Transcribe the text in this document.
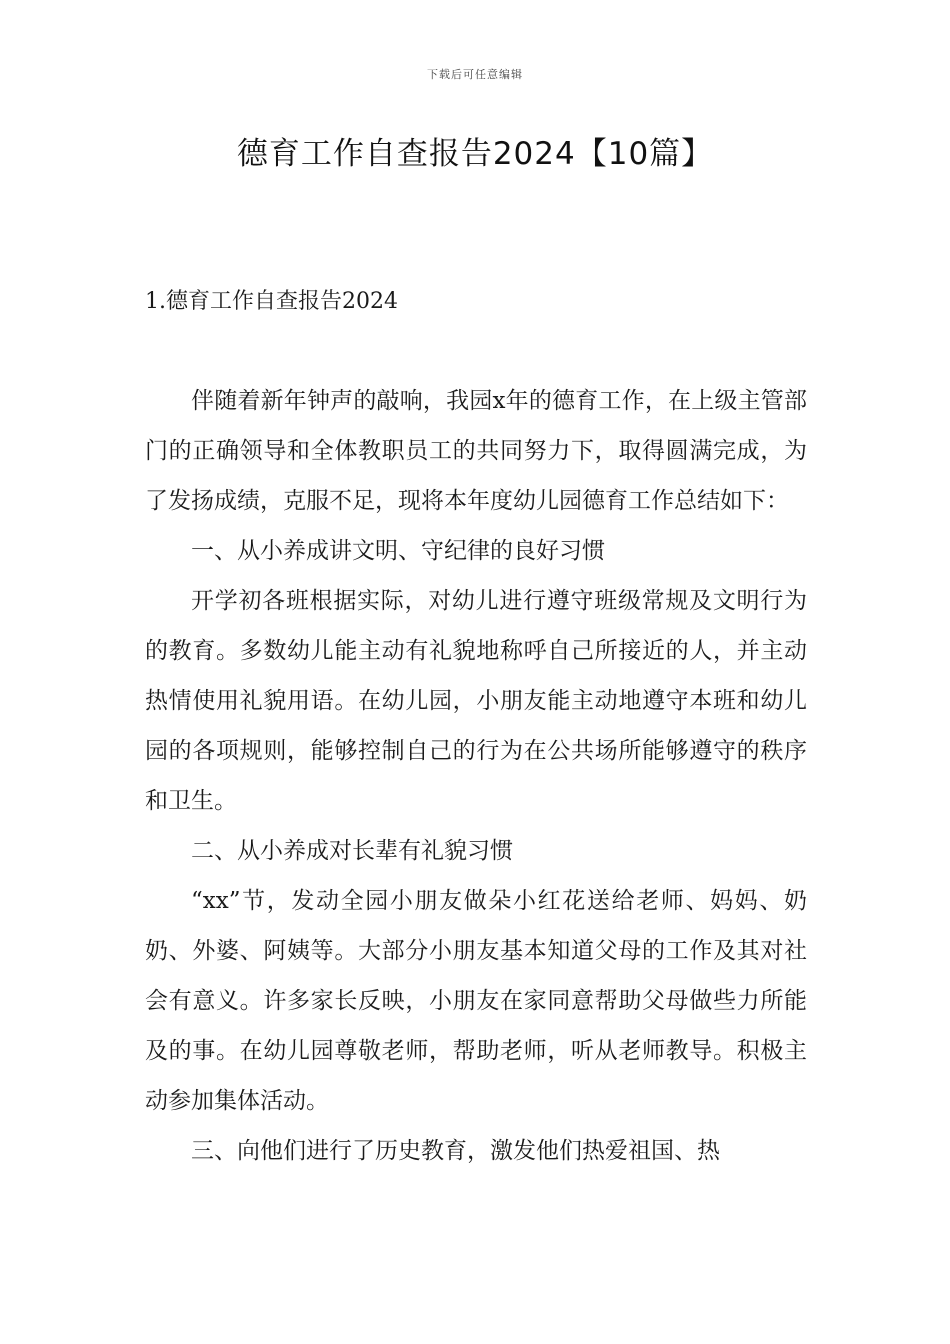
下载后可任意编辑
德育工作自查报告2024【10篇】
1.德育工作自查报告2024

伴随着新年钟声的敲响，我园x年的德育工作，在上级主管部门的正确领导和全体教职员工的共同努力下，取得圆满完成，为了发扬成绩，克服不足，现将本年度幼儿园德育工作总结如下：

一、从小养成讲文明、守纪律的良好习惯

开学初各班根据实际，对幼儿进行遵守班级常规及文明行为的教育。多数幼儿能主动有礼貌地称呼自己所接近的人，并主动热情使用礼貌用语。在幼儿园，小朋友能主动地遵守本班和幼儿园的各项规则，能够控制自己的行为在公共场所能够遵守的秩序和卫生。

二、从小养成对长辈有礼貌习惯

“xx”节，发动全园小朋友做朵小红花送给老师、妈妈、奶奶、外婆、阿姨等。大部分小朋友基本知道父母的工作及其对社会有意义。许多家长反映，小朋友在家同意帮助父母做些力所能及的事。在幼儿园尊敬老师，帮助老师，听从老师教导。积极主动参加集体活动。

三、向他们进行了历史教育，激发他们热爱祖国、热
